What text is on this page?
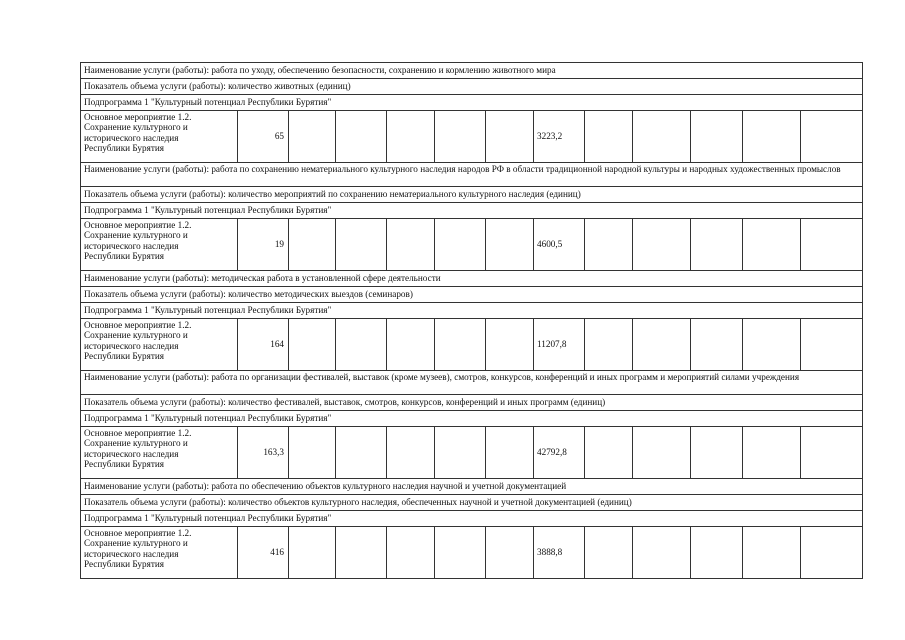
Наименование услуги (работы): работа по уходу, обеспечению безопасности, сохранению и кормлению животного мира												
Показатель объема услуги (работы): количество животных (единиц)												
Подпрограмма 1 "Культурный потенциал Республики Бурятия"												
Основное мероприятие 1.2.
Сохранение культурного и
исторического наследия
Республики Бурятия	65						3223,2					
Наименование услуги (работы): работа по сохранению нематериального культурного наследия народов РФ в области традиционной народной культуры и народных художественных промыслов												
Показатель объема услуги (работы): количество мероприятий по сохранению нематериального культурного наследия (единиц)												
Подпрограмма 1 "Культурный потенциал Республики Бурятия"												
Основное мероприятие 1.2.
Сохранение культурного и
исторического наследия
Республики Бурятия	19						4600,5					
Наименование услуги (работы): методическая работа в установленной сфере деятельности												
Показатель объема услуги (работы): количество методических выездов (семинаров)												
Подпрограмма 1 "Культурный потенциал Республики Бурятия"												
Основное мероприятие 1.2.
Сохранение культурного и
исторического наследия
Республики Бурятия	164						11207,8					
Наименование услуги (работы): работа по организации фестивалей, выставок (кроме музеев), смотров, конкурсов, конференций и иных программ и мероприятий силами учреждения												
Показатель объема услуги (работы): количество фестивалей, выставок, смотров, конкурсов, конференций и иных программ (единиц)												
Подпрограмма 1 "Культурный потенциал Республики Бурятия"												
Основное мероприятие 1.2.
Сохранение культурного и
исторического наследия
Республики Бурятия	163,3						42792,8					
Наименование услуги (работы): работа по обеспечению объектов культурного наследия научной и учетной документацией												
Показатель объема услуги (работы): количество объектов культурного наследия, обеспеченных научной и учетной документацией (единиц)												
Подпрограмма 1 "Культурный потенциал Республики Бурятия"												
Основное мероприятие 1.2.
Сохранение культурного и
исторического наследия
Республики Бурятия	416						3888,8					
